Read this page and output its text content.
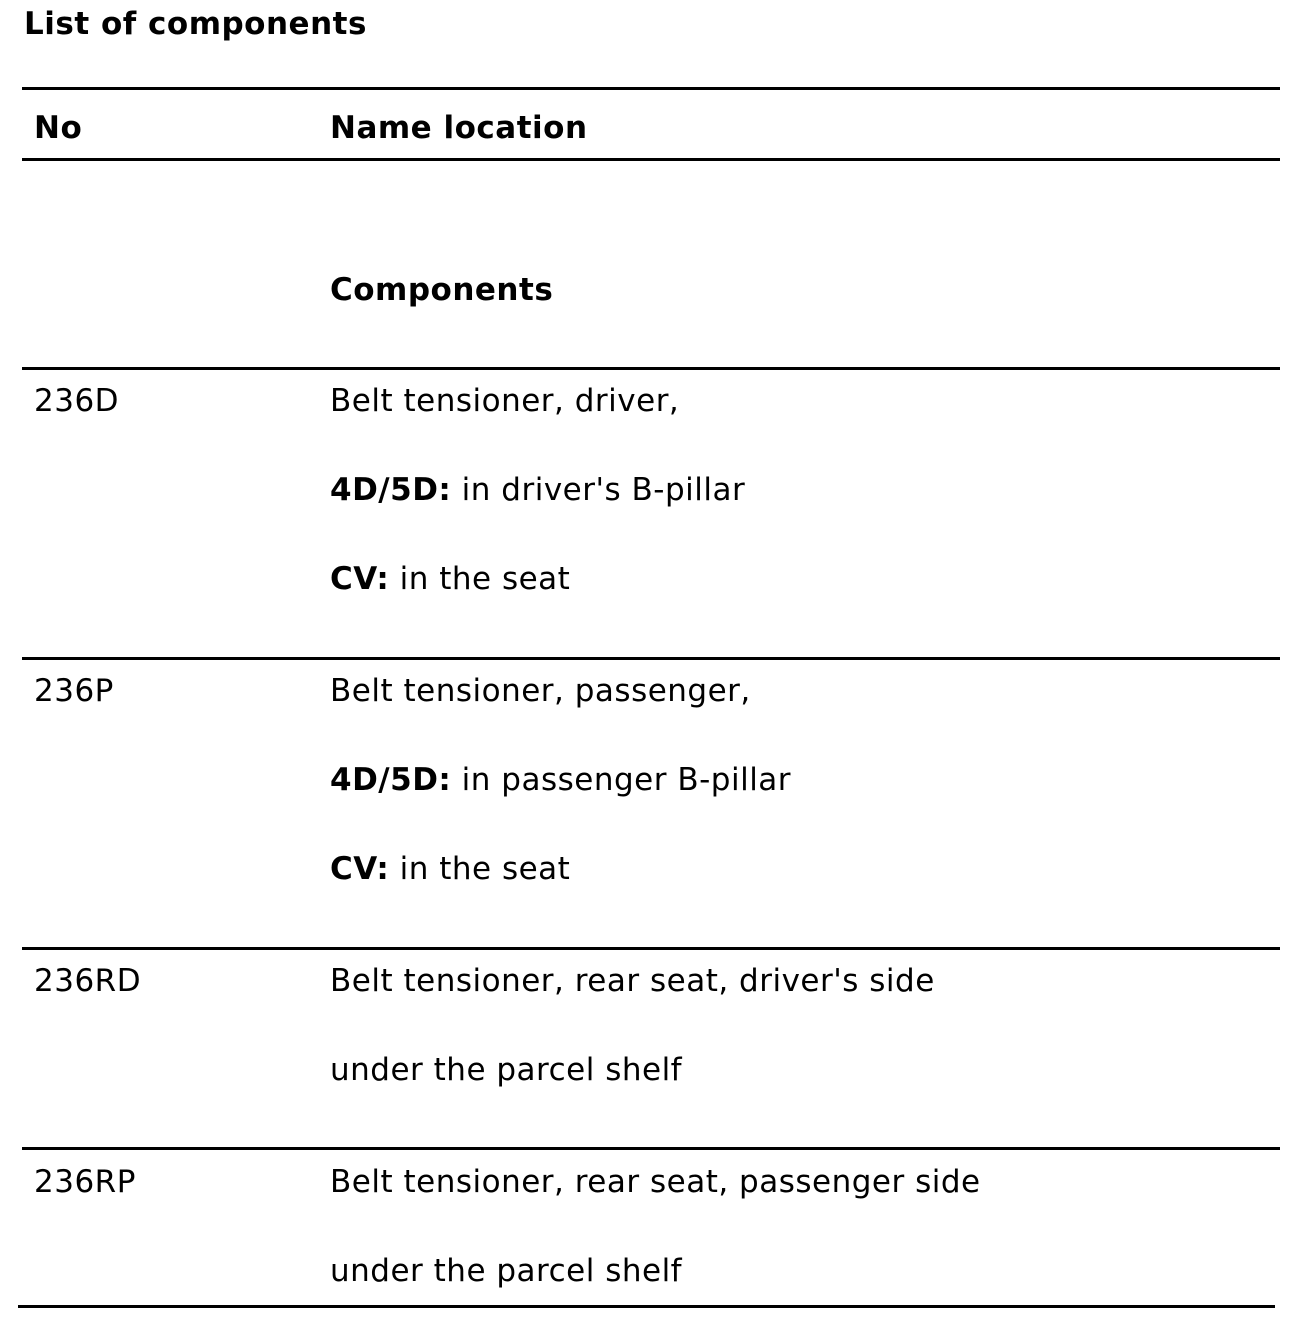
List of components
No	Name location
Components
236D	Belt tensioner, driver,
4D/5D: in driver's B-pillar
CV: in the seat
236P	Belt tensioner, passenger,
4D/5D: in passenger B-pillar
CV: in the seat
236RD	Belt tensioner, rear seat, driver's side
under the parcel shelf
236RP	Belt tensioner, rear seat, passenger side
under the parcel shelf
